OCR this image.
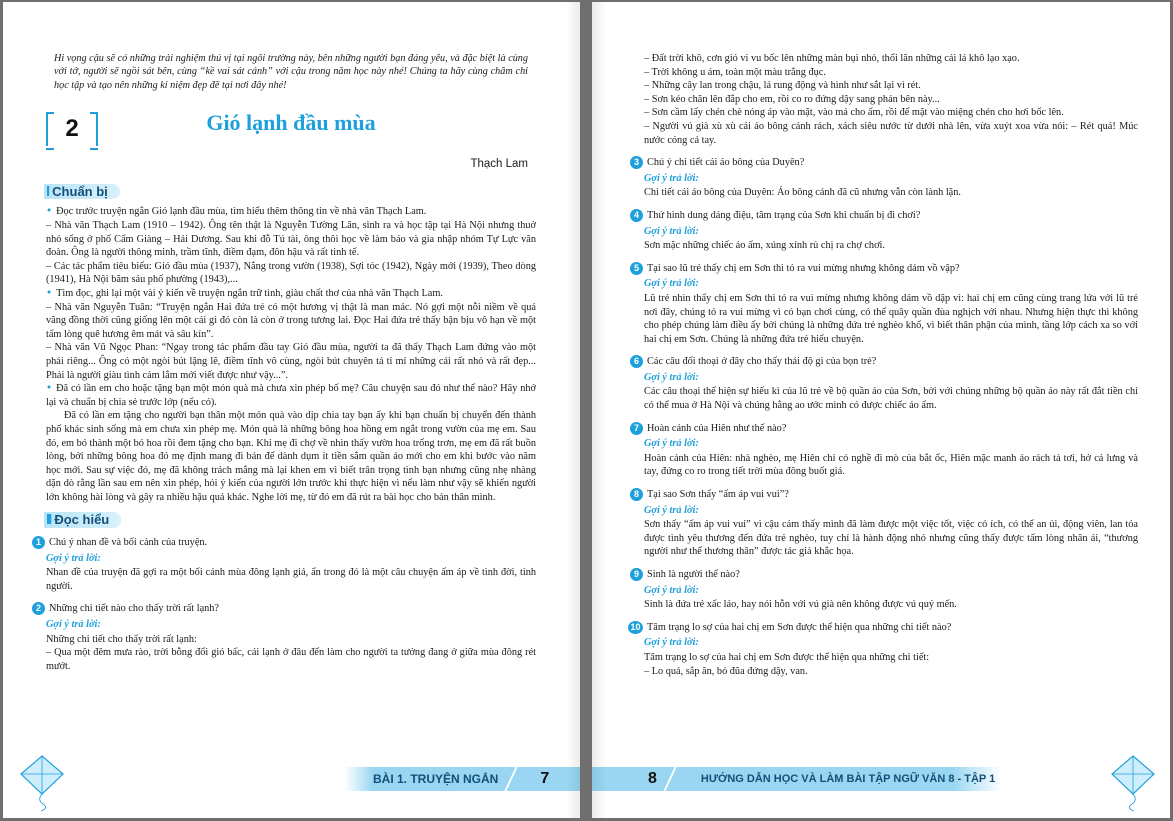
Hi vọng cậu sẽ có những trải nghiệm thú vị tại ngôi trường này, bên những người bạn đáng yêu, và đặc biệt là cùng với tớ, người sẽ ngồi sát bên, cùng “kề vai sát cánh” với cậu trong năm học này nhé! Chúng ta hãy cùng chăm chỉ học tập và tạo nên những kỉ niệm đẹp đẽ tại nơi đây nhé!

2	Gió lạnh đầu mùa
Thạch Lam
I Chuẩn bị

• Đọc trước truyện ngắn Gió lạnh đầu mùa, tìm hiểu thêm thông tin về nhà văn Thạch Lam.

– Nhà văn Thạch Lam (1910 – 1942). Ông tên thật là Nguyễn Tường Lân, sinh ra và học tập tại Hà Nội nhưng thuở nhỏ sống ở phố Cẩm Giàng – Hải Dương. Sau khi đỗ Tú tài, ông thôi học về làm báo và gia nhập nhóm Tự Lực văn đoàn. Ông là người thông minh, trầm tĩnh, điềm đạm, đôn hậu và rất tinh tế.

– Các tác phẩm tiêu biểu: Gió đầu mùa (1937), Nắng trong vườn (1938), Sợi tóc (1942), Ngày mới (1939), Theo dòng (1941), Hà Nội băm sáu phố phường (1943),...

• Tìm đọc, ghi lại một vài ý kiến về truyện ngắn trữ tình, giàu chất thơ của nhà văn Thạch Lam.

– Nhà văn Nguyễn Tuân: “Truyện ngắn Hai đứa trẻ có một hương vị thật là man mác. Nó gợi một nỗi niềm về quá vãng đồng thời cũng giống lên một cái gì đó còn là còn ở trong tương lai. Đọc Hai đứa trẻ thấy bận bịu vô hạn về một tấm lòng quê hương êm mát và sâu kín”.

– Nhà văn Vũ Ngọc Phan: “Ngay trong tác phẩm đầu tay Gió đầu mùa, người ta đã thấy Thạch Lam đứng vào một phái riêng... Ông có một ngòi bút lặng lẽ, điềm tĩnh vô cùng, ngòi bút chuyên tả tỉ mỉ những cái rất nhỏ và rất đẹp... Phải là người giàu tình cảm lắm mới viết được như vậy...”.

• Đã có lần em cho hoặc tặng bạn một món quà mà chưa xin phép bố mẹ? Câu chuyện sau đó như thế nào? Hãy nhớ lại và chuẩn bị chia sẻ trước lớp (nếu có).

Đã có lần em tặng cho người bạn thân một món quà vào dịp chia tay bạn ấy khi bạn chuẩn bị chuyển đến thành phố khác sinh sống mà em chưa xin phép mẹ. Món quà là những bông hoa hồng em ngắt trong vườn của mẹ em. Sau đó, em bó thành một bó hoa rồi đem tặng cho bạn. Khi mẹ đi chợ về nhìn thấy vườn hoa trống trơn, mẹ em đã rất buồn lòng, bởi những bông hoa đó mẹ định mang đi bán để dành dụm ít tiền sắm quần áo mới cho em khi bước vào năm học mới. Sau sự việc đó, mẹ đã không trách mắng mà lại khen em vì biết trân trọng tình bạn nhưng cũng nhẹ nhàng dặn dò rằng lần sau em nên xin phép, hỏi ý kiến của người lớn trước khi thực hiện vì nếu làm như vậy sẽ khiến người lớn không hài lòng và gây ra nhiều hậu quả khác. Nghe lời mẹ, từ đó em đã rút ra bài học cho bản thân mình.

II Đọc hiểu
1 Chú ý nhan đề và bối cảnh của truyện.
Gợi ý trả lời:

Nhan đề của truyện đã gợi ra một bối cảnh mùa đông lạnh giá, ẩn trong đó là một câu chuyện ấm áp về tình đời, tình người.

2 Những chi tiết nào cho thấy trời rất lạnh?
Gợi ý trả lời:

Những chi tiết cho thấy trời rất lạnh:

– Qua một đêm mưa rào, trời bỗng đổi gió bấc, cái lạnh ở đâu đến làm cho người ta tưởng đang ở giữa mùa đông rét mướt.

BÀI 1. TRUYỆN NGẮN	7

– Đất trời khô, cơn gió vi vu bốc lên những màn bụi nhỏ, thổi lăn những cái lá khô lạo xạo.

– Trời không u ám, toàn một màu trắng đục.

– Những cây lan trong chậu, lá rung động và hình như sắt lại vì rét.

– Sơn kéo chăn lên đắp cho em, rồi co ro đứng dậy sang phản bên này...

– Sơn cầm lấy chén chè nóng áp vào mặt, vào má cho ấm, rồi để mặt vào miệng chén cho hơi bốc lên.

– Người vú già xù xù cái áo bông cánh rách, xách siêu nước từ dưới nhà lên, vừa xuýt xoa vừa nói: – Rét quá! Múc nước cóng cả tay.

3 Chú ý chi tiết cái áo bông của Duyên?
Gợi ý trả lời:

Chi tiết cái áo bông của Duyên: Áo bông cánh đã cũ nhưng vẫn còn lành lặn.

4 Thử hình dung dáng điệu, tâm trạng của Sơn khi chuẩn bị đi chơi?
Gợi ý trả lời:

Sơn mặc những chiếc áo ấm, xúng xính rủ chị ra chợ chơi.

5 Tại sao lũ trẻ thấy chị em Sơn thì tỏ ra vui mừng nhưng không dám vồ vập?
Gợi ý trả lời:

Lũ trẻ nhìn thấy chị em Sơn thì tỏ ra vui mừng nhưng không dám vồ dập vì: hai chị em cũng cùng trang lứa với lũ trẻ nơi đây, chúng tỏ ra vui mừng vì có bạn chơi cùng, có thể quây quần đùa nghịch với nhau. Nhưng hiện thực thì không cho phép chúng làm điều ấy bởi chúng là những đứa trẻ nghèo khổ, vì biết thân phận của mình, tầng lớp cách xa so với hai chị em Sơn. Chúng là những đứa trẻ hiểu chuyện.

6 Các câu đối thoại ở đây cho thấy thái độ gì của bọn trẻ?
Gợi ý trả lời:

Các câu thoại thể hiện sự hiếu kì của lũ trẻ về bộ quần áo của Sơn, bởi với chúng những bộ quần áo này rất đắt tiền chỉ có thể mua ở Hà Nội và chúng hằng ao ước mình có được chiếc áo ấm.

7 Hoàn cảnh của Hiên như thế nào?
Gợi ý trả lời:

Hoàn cảnh của Hiên: nhà nghèo, mẹ Hiên chỉ có nghề đi mò của bắt ốc, Hiên mặc manh áo rách tả tơi, hở cả lưng và tay, đứng co ro trong tiết trời mùa đông buốt giá.

8 Tại sao Sơn thấy “ấm áp vui vui”?
Gợi ý trả lời:

Sơn thấy “ấm áp vui vui” vì cậu cảm thấy mình đã làm được một việc tốt, việc có ích, có thể an ủi, động viên, lan tỏa được tình yêu thương đến đứa trẻ nghèo, tuy chỉ là hành động nhỏ nhưng cũng thấy được tấm lòng nhân ái, “thương người như thể thương thân” được tác giả khắc họa.

9 Sinh là người thế nào?
Gợi ý trả lời:

Sinh là đứa trẻ xấc láo, hay nói hỗn với vú già nên không được vú quý mến.

10 Tâm trạng lo sợ của hai chị em Sơn được thể hiện qua những chi tiết nào?
Gợi ý trả lời:

Tâm trạng lo sợ của hai chị em Sơn được thể hiện qua những chi tiết:

– Lo quá, sắp ăn, bỏ đũa đứng dậy, van.

8	HƯỚNG DẪN HỌC VÀ LÀM BÀI TẬP NGỮ VĂN 8 - TẬP 1
